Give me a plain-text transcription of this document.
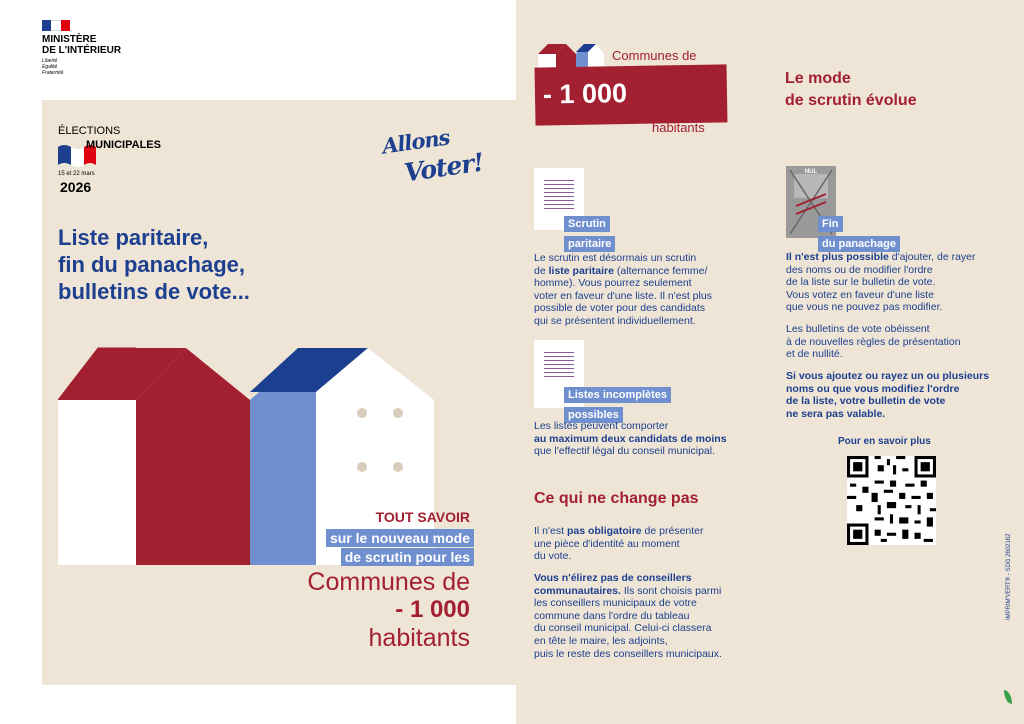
MINISTÈRE
DE L'INTÉRIEUR
Liberté
Égalité
Fraternité
ÉLECTIONS
MUNICIPALES
15 et 22 mars
2026
Allons
Voter!
Liste paritaire,
fin du panachage,
bulletins de vote...
TOUT SAVOIR
sur le nouveau mode
de scrutin pour les
Communes de
- 1 000
habitants
Communes de
- 1 000
habitants
Le mode
de scrutin évolue
Scrutin
paritaire
Le scrutin est désormais un scrutin
de liste paritaire (alternance femme/
homme). Vous pourrez seulement
voter en faveur d'une liste. Il n'est plus
possible de voter pour des candidats
qui se présentent individuellement.
Listes incomplètes
possibles
Les listes peuvent comporter
au maximum deux candidats de moins
que l'effectif légal du conseil municipal.
Ce qui ne change pas
Il n'est pas obligatoire de présenter
une pièce d'identité au moment
du vote.
Vous n'élirez pas de conseillers
communautaires. Ils sont choisis parmi
les conseillers municipaux de votre
commune dans l'ordre du tableau
du conseil municipal. Celui-ci classera
en tête le maire, les adjoints,
puis le reste des conseillers municipaux.
NUL
Fin
du panachage
Il n'est plus possible d'ajouter, de rayer
des noms ou de modifier l'ordre
de la liste sur le bulletin de vote.
Vous votez en faveur d'une liste
que vous ne pouvez pas modifier.
Les bulletins de vote obéissent
à de nouvelles règles de présentation
et de nullité.
Si vous ajoutez ou rayez un ou plusieurs
noms ou que vous modifiez l'ordre
de la liste, votre bulletin de vote
ne sera pas valable.
Pour en savoir plus
IMPRIM'VERT® - SDG 2602162
